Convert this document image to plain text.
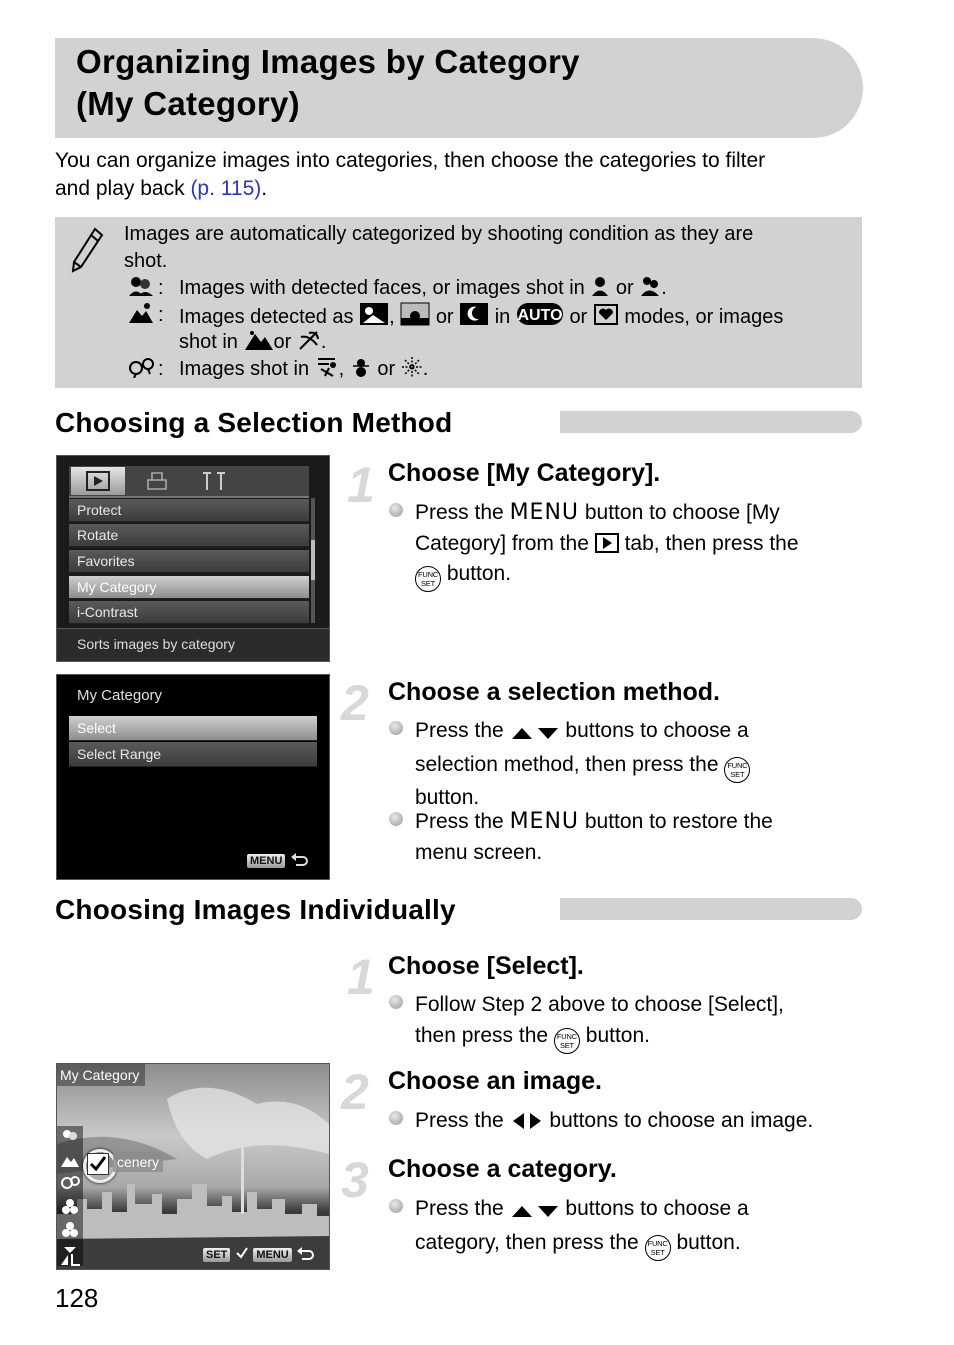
Organizing Images by Category
(My Category)
You can organize images into categories, then choose the categories to filter
and play back (p. 115).
Images are automatically categorized by shooting condition as they are
shot.
: Images with detected faces, or images shot in or .
: Images detected as , or in AUTO or modes, or images
shot in or .
: Images shot in , or .
Choosing a Selection Method
Protect
Rotate
Favorites
My Category
i-Contrast
Sorts images by category
1 Choose [My Category].
Press the MENU button to choose [My
Category] from the tab, then press the
FUNC
SET button.
My Category
Select
Select Range
MENU
2 Choose a selection method.
Press the	buttons to choose a
selection method, then press the FUNC
SET
button.
Press the MENU button to restore the
menu screen.
Choosing Images Individually
1 Choose [Select].
Follow Step 2 above to choose [Select],
then press the FUNC
SET button.
My Category
cenery
SET	MENU
2 Choose an image.
Press the buttons to choose an image.
3 Choose a category.
Press the	buttons to choose a
category, then press the FUNC
SET button.
128
